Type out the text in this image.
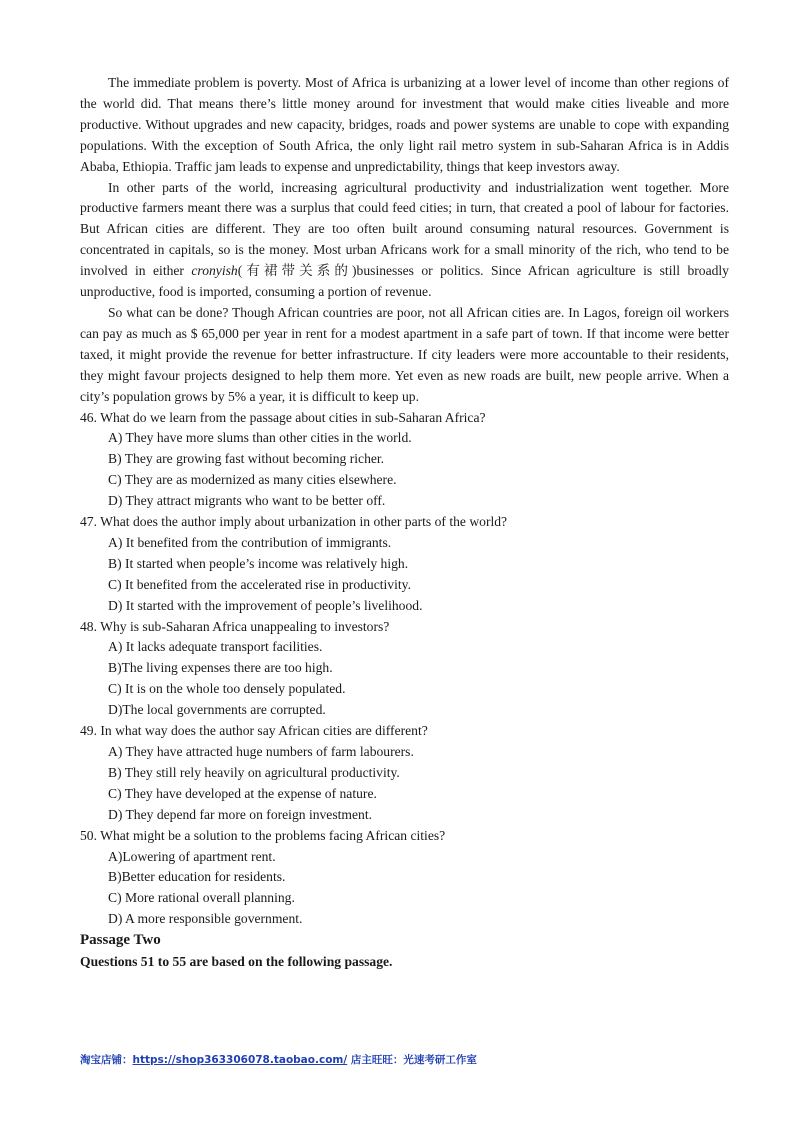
The immediate problem is poverty. Most of Africa is urbanizing at a lower level of income than other regions of the world did. That means there’s little money around for investment that would make cities liveable and more productive. Without upgrades and new capacity, bridges, roads and power systems are unable to cope with expanding populations. With the exception of South Africa, the only light rail metro system in sub-Saharan Africa is in Addis Ababa, Ethiopia. Traffic jam leads to expense and unpredictability, things that keep investors away.

In other parts of the world, increasing agricultural productivity and industrialization went together. More productive farmers meant there was a surplus that could feed cities; in turn, that created a pool of labour for factories. But African cities are different. They are too often built around consuming natural resources. Government is concentrated in capitals, so is the money. Most urban Africans work for a small minority of the rich, who tend to be involved in either cronyish(有裙带关系的)businesses or politics. Since African agriculture is still broadly unproductive, food is imported, consuming a portion of revenue.

So what can be done? Though African countries are poor, not all African cities are. In Lagos, foreign oil workers can pay as much as $ 65,000 per year in rent for a modest apartment in a safe part of town. If that income were better taxed, it might provide the revenue for better infrastructure. If city leaders were more accountable to their residents, they might favour projects designed to help them more. Yet even as new roads are built, new people arrive. When a city’s population grows by 5% a year, it is difficult to keep up.

46. What do we learn from the passage about cities in sub-Saharan Africa?

A) They have more slums than other cities in the world.

B) They are growing fast without becoming richer.

C) They are as modernized as many cities elsewhere.

D) They attract migrants who want to be better off.

47. What does the author imply about urbanization in other parts of the world?

A) It benefited from the contribution of immigrants.

B) It started when people’s income was relatively high.

C) It benefited from the accelerated rise in productivity.

D) It started with the improvement of people’s livelihood.

48. Why is sub-Saharan Africa unappealing to investors?

A) It lacks adequate transport facilities.

B)The living expenses there are too high.

C) It is on the whole too densely populated.

D)The local governments are corrupted.

49. In what way does the author say African cities are different?

A) They have attracted huge numbers of farm labourers.

B) They still rely heavily on agricultural productivity.

C) They have developed at the expense of nature.

D) They depend far more on foreign investment.

50. What might be a solution to the problems facing African cities?

A)Lowering of apartment rent.

B)Better education for residents.

C) More rational overall planning.

D) A more responsible government.

Passage Two

Questions 51 to 55 are based on the following passage.

淘宝店铺：https://shop363306078.taobao.com/ 店主旺旺：光速考研工作室
